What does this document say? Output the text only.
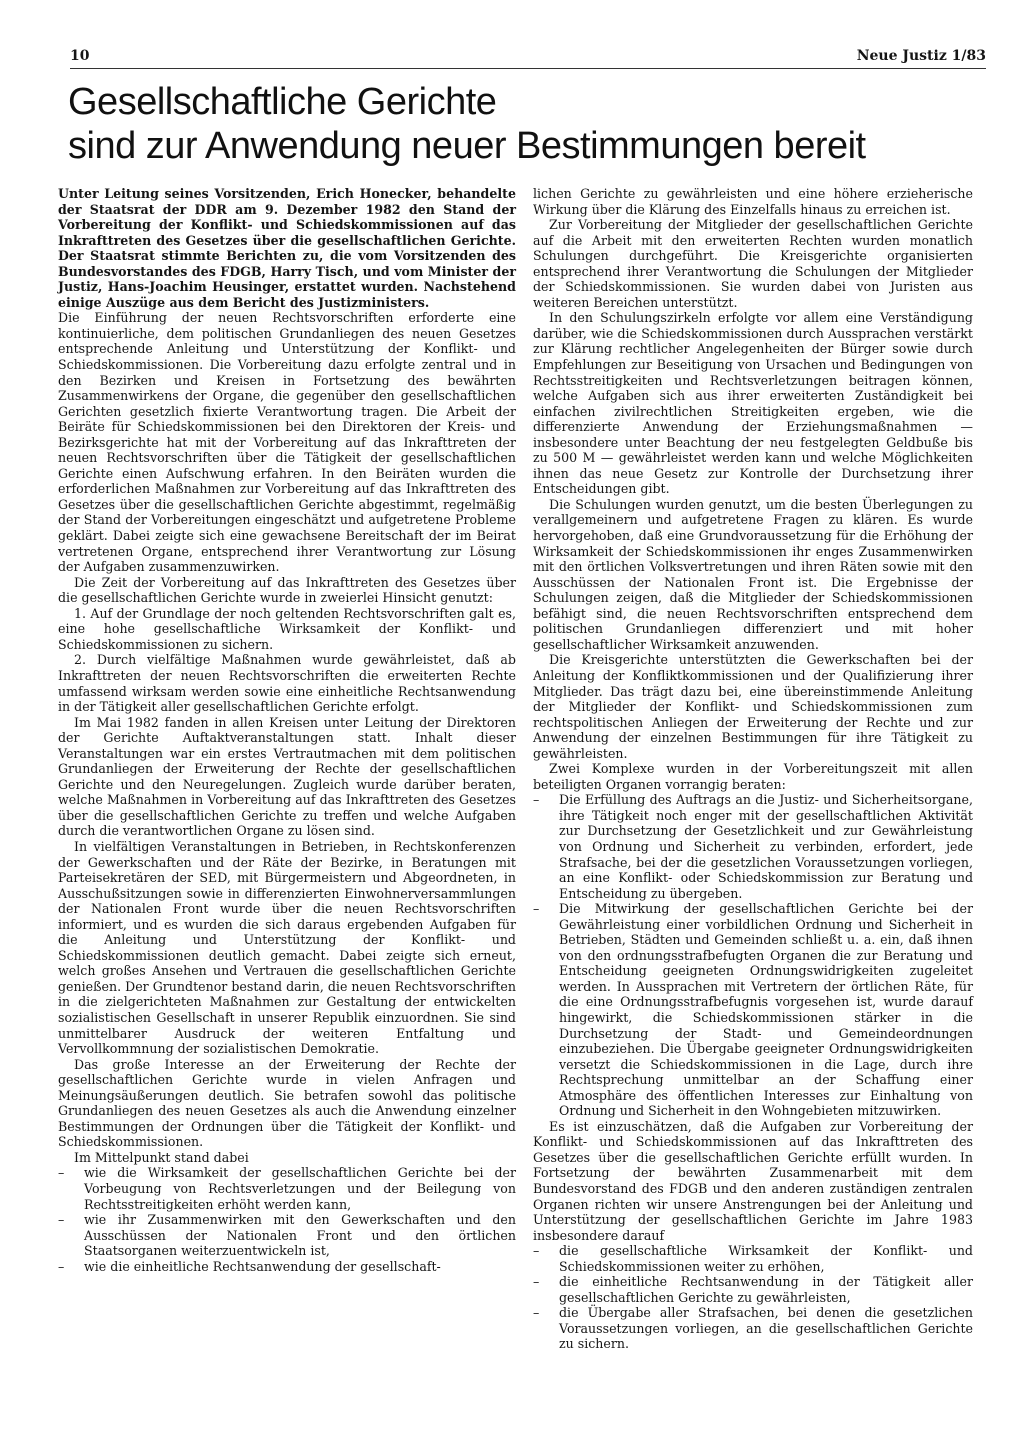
10	Neue Justiz 1/83
Gesellschaftliche Gerichte
sind zur Anwendung neuer Bestimmungen bereit

Unter Leitung seines Vorsitzenden, Erich Honecker, behandelte der Staatsrat der DDR am 9. Dezember 1982 den Stand der Vorbereitung der Konflikt- und Schiedskommissionen auf das Inkrafttreten des Gesetzes über die gesellschaftlichen Gerichte. Der Staatsrat stimmte Berichten zu, die vom Vorsitzenden des Bundesvorstandes des FDGB, Harry Tisch, und vom Minister der Justiz, Hans-Joachim Heusinger, erstattet wurden. Nachstehend einige Auszüge aus dem Bericht des Justizministers.

Die Einführung der neuen Rechtsvorschriften erforderte eine kontinuierliche, dem politischen Grundanliegen des neuen Gesetzes entsprechende Anleitung und Unterstützung der Konflikt- und Schiedskommissionen. Die Vorbereitung dazu erfolgte zentral und in den Bezirken und Kreisen in Fortsetzung des bewährten Zusammenwirkens der Organe, die gegenüber den gesellschaftlichen Gerichten gesetzlich fixierte Verantwortung tragen. Die Arbeit der Beiräte für Schiedskommissionen bei den Direktoren der Kreis- und Bezirksgerichte hat mit der Vorbereitung auf das Inkrafttreten der neuen Rechtsvorschriften über die Tätigkeit der gesellschaftlichen Gerichte einen Aufschwung erfahren. In den Beiräten wurden die erforderlichen Maßnahmen zur Vorbereitung auf das Inkrafttreten des Gesetzes über die gesellschaftlichen Gerichte abgestimmt, regelmäßig der Stand der Vorbereitungen eingeschätzt und aufgetretene Probleme geklärt. Dabei zeigte sich eine gewachsene Bereitschaft der im Beirat vertretenen Organe, entsprechend ihrer Verantwortung zur Lösung der Aufgaben zusammenzuwirken.

Die Zeit der Vorbereitung auf das Inkrafttreten des Gesetzes über die gesellschaftlichen Gerichte wurde in zweierlei Hinsicht genutzt:

1. Auf der Grundlage der noch geltenden Rechtsvorschriften galt es, eine hohe gesellschaftliche Wirksamkeit der Konflikt- und Schiedskommissionen zu sichern.

2. Durch vielfältige Maßnahmen wurde gewährleistet, daß ab Inkrafttreten der neuen Rechtsvorschriften die erweiterten Rechte umfassend wirksam werden sowie eine einheitliche Rechtsanwendung in der Tätigkeit aller gesellschaftlichen Gerichte erfolgt.

Im Mai 1982 fanden in allen Kreisen unter Leitung der Direktoren der Gerichte Auftaktveranstaltungen statt. Inhalt dieser Veranstaltungen war ein erstes Vertrautmachen mit dem politischen Grundanliegen der Erweiterung der Rechte der gesellschaftlichen Gerichte und den Neuregelungen. Zugleich wurde darüber beraten, welche Maßnahmen in Vorbereitung auf das Inkrafttreten des Gesetzes über die gesellschaftlichen Gerichte zu treffen und welche Aufgaben durch die verantwortlichen Organe zu lösen sind.

In vielfältigen Veranstaltungen in Betrieben, in Rechtskonferenzen der Gewerkschaften und der Räte der Bezirke, in Beratungen mit Parteisekretären der SED, mit Bürgermeistern und Abgeordneten, in Ausschußsitzungen sowie in differenzierten Einwohnerversammlungen der Nationalen Front wurde über die neuen Rechtsvorschriften informiert, und es wurden die sich daraus ergebenden Aufgaben für die Anleitung und Unterstützung der Konflikt- und Schiedskommissionen deutlich gemacht. Dabei zeigte sich erneut, welch großes Ansehen und Vertrauen die gesellschaftlichen Gerichte genießen. Der Grundtenor bestand darin, die neuen Rechtsvorschriften in die zielgerichteten Maßnahmen zur Gestaltung der entwickelten sozialistischen Gesellschaft in unserer Republik einzuordnen. Sie sind unmittelbarer Ausdruck der weiteren Entfaltung und Vervollkommnung der sozialistischen Demokratie.

Das große Interesse an der Erweiterung der Rechte der gesellschaftlichen Gerichte wurde in vielen Anfragen und Meinungsäußerungen deutlich. Sie betrafen sowohl das politische Grundanliegen des neuen Gesetzes als auch die Anwendung einzelner Bestimmungen der Ordnungen über die Tätigkeit der Konflikt- und Schiedskommissionen.

Im Mittelpunkt stand dabei

– wie die Wirksamkeit der gesellschaftlichen Gerichte bei der Vorbeugung von Rechtsverletzungen und der Beilegung von Rechtsstreitigkeiten erhöht werden kann,

– wie ihr Zusammenwirken mit den Gewerkschaften und den Ausschüssen der Nationalen Front und den örtlichen Staatsorganen weiterzuentwickeln ist,

– wie die einheitliche Rechtsanwendung der gesellschaft-

lichen Gerichte zu gewährleisten und eine höhere erzieherische Wirkung über die Klärung des Einzelfalls hinaus zu erreichen ist.

Zur Vorbereitung der Mitglieder der gesellschaftlichen Gerichte auf die Arbeit mit den erweiterten Rechten wurden monatlich Schulungen durchgeführt. Die Kreisgerichte organisierten entsprechend ihrer Verantwortung die Schulungen der Mitglieder der Schiedskommissionen. Sie wurden dabei von Juristen aus weiteren Bereichen unterstützt.

In den Schulungszirkeln erfolgte vor allem eine Verständigung darüber, wie die Schiedskommissionen durch Aussprachen verstärkt zur Klärung rechtlicher Angelegenheiten der Bürger sowie durch Empfehlungen zur Beseitigung von Ursachen und Bedingungen von Rechtsstreitigkeiten und Rechtsverletzungen beitragen können, welche Aufgaben sich aus ihrer erweiterten Zuständigkeit bei einfachen zivilrechtlichen Streitigkeiten ergeben, wie die differenzierte Anwendung der Erziehungsmaßnahmen — insbesondere unter Beachtung der neu festgelegten Geldbuße bis zu 500 M — gewährleistet werden kann und welche Möglichkeiten ihnen das neue Gesetz zur Kontrolle der Durchsetzung ihrer Entscheidungen gibt.

Die Schulungen wurden genutzt, um die besten Überlegungen zu verallgemeinern und aufgetretene Fragen zu klären. Es wurde hervorgehoben, daß eine Grundvoraussetzung für die Erhöhung der Wirksamkeit der Schiedskommissionen ihr enges Zusammenwirken mit den örtlichen Volksvertretungen und ihren Räten sowie mit den Ausschüssen der Nationalen Front ist. Die Ergebnisse der Schulungen zeigen, daß die Mitglieder der Schiedskommissionen befähigt sind, die neuen Rechtsvorschriften entsprechend dem politischen Grundanliegen differenziert und mit hoher gesellschaftlicher Wirksamkeit anzuwenden.

Die Kreisgerichte unterstützten die Gewerkschaften bei der Anleitung der Konfliktkommissionen und der Qualifizierung ihrer Mitglieder. Das trägt dazu bei, eine übereinstimmende Anleitung der Mitglieder der Konflikt- und Schiedskommissionen zum rechtspolitischen Anliegen der Erweiterung der Rechte und zur Anwendung der einzelnen Bestimmungen für ihre Tätigkeit zu gewährleisten.

Zwei Komplexe wurden in der Vorbereitungszeit mit allen beteiligten Organen vorrangig beraten:

– Die Erfüllung des Auftrags an die Justiz- und Sicherheitsorgane, ihre Tätigkeit noch enger mit der gesellschaftlichen Aktivität zur Durchsetzung der Gesetzlichkeit und zur Gewährleistung von Ordnung und Sicherheit zu verbinden, erfordert, jede Strafsache, bei der die gesetzlichen Voraussetzungen vorliegen, an eine Konflikt- oder Schiedskommission zur Beratung und Entscheidung zu übergeben.

– Die Mitwirkung der gesellschaftlichen Gerichte bei der Gewährleistung einer vorbildlichen Ordnung und Sicherheit in Betrieben, Städten und Gemeinden schließt u. a. ein, daß ihnen von den ordnungsstrafbefugten Organen die zur Beratung und Entscheidung geeigneten Ordnungswidrigkeiten zugeleitet werden. In Aussprachen mit Vertretern der örtlichen Räte, für die eine Ordnungsstrafbefugnis vorgesehen ist, wurde darauf hingewirkt, die Schiedskommissionen stärker in die Durchsetzung der Stadt- und Gemeindeordnungen einzubeziehen. Die Übergabe geeigneter Ordnungswidrigkeiten versetzt die Schiedskommissionen in die Lage, durch ihre Rechtsprechung unmittelbar an der Schaffung einer Atmosphäre des öffentlichen Interesses zur Einhaltung von Ordnung und Sicherheit in den Wohngebieten mitzuwirken.

Es ist einzuschätzen, daß die Aufgaben zur Vorbereitung der Konflikt- und Schiedskommissionen auf das Inkrafttreten des Gesetzes über die gesellschaftlichen Gerichte erfüllt wurden. In Fortsetzung der bewährten Zusammenarbeit mit dem Bundesvorstand des FDGB und den anderen zuständigen zentralen Organen richten wir unsere Anstrengungen bei der Anleitung und Unterstützung der gesellschaftlichen Gerichte im Jahre 1983 insbesondere darauf

– die gesellschaftliche Wirksamkeit der Konflikt- und Schiedskommissionen weiter zu erhöhen,

– die einheitliche Rechtsanwendung in der Tätigkeit aller gesellschaftlichen Gerichte zu gewährleisten,

– die Übergabe aller Strafsachen, bei denen die gesetzlichen Voraussetzungen vorliegen, an die gesellschaftlichen Gerichte zu sichern.
